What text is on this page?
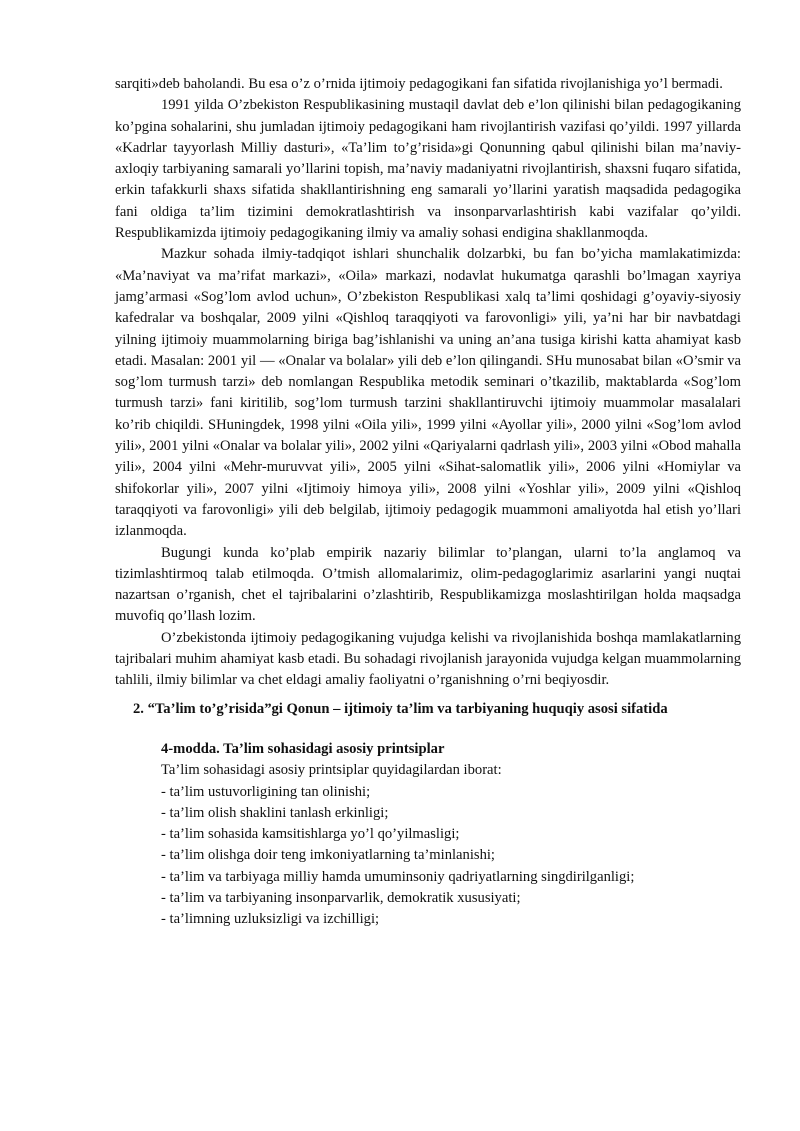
sarqiti»deb baholandi. Bu esa o’z o’rnida ijtimoiy pedagogikani fan sifatida rivojlanishiga yo’l bermadi.

1991 yilda O’zbekiston Respublikasining mustaqil davlat deb e’lon qilinishi bilan pedagogikaning ko’pgina sohalarini, shu jumladan ijtimoiy pedagogikani ham rivojlantirish vazifasi qo’yildi. 1997 yillarda «Kadrlar tayyorlash Milliy dasturi», «Ta’lim to’g’risida»gi Qonunning qabul qilinishi bilan ma’naviy-axloqiy tarbiyaning samarali yo’llarini topish, ma’naviy madaniyatni rivojlantirish, shaxsni fuqaro sifatida, erkin tafakkurli shaxs sifatida shakllantirishning eng samarali yo’llarini yaratish maqsadida pedagogika fani oldiga ta’lim tizimini demokratlashtirish va insonparvarlashtirish kabi vazifalar qo’yildi. Respublikamizda ijtimoiy pedagogikaning ilmiy va amaliy sohasi endigina shakllanmoqda.

Mazkur sohada ilmiy-tadqiqot ishlari shunchalik dolzarbki, bu fan bo’yicha mamlakatimizda: «Ma’naviyat va ma’rifat markazi», «Oila» markazi, nodavlat hukumatga qarashli bo’lmagan xayriya jamg’armasi «Sog’lom avlod uchun», O’zbekiston Respublikasi xalq ta’limi qoshidagi g’oyaviy-siyosiy kafedralar va boshqalar, 2009 yilni «Qishloq taraqqiyoti va farovonligi» yili, ya’ni har bir navbatdagi yilning ijtimoiy muammolarning biriga bag’ishlanishi va uning an’ana tusiga kirishi katta ahamiyat kasb etadi. Masalan: 2001 yil — «Onalar va bolalar» yili deb e’lon qilingandi. SHu munosabat bilan «O’smir va sog’lom turmush tarzi» deb nomlangan Respublika metodik seminari o’tkazilib, maktablarda «Sog’lom turmush tarzi» fani kiritilib, sog’lom turmush tarzini shakllantiruvchi ijtimoiy muammolar masalalari ko’rib chiqildi. SHuningdek, 1998 yilni «Oila yili», 1999 yilni «Ayollar yili», 2000 yilni «Sog’lom avlod yili», 2001 yilni «Onalar va bolalar yili», 2002 yilni «Qariyalarni qadrlash yili», 2003 yilni «Obod mahalla yili», 2004 yilni «Mehr-muruvvat yili», 2005 yilni «Sihat-salomatlik yili», 2006 yilni «Homiylar va shifokorlar yili», 2007 yilni «Ijtimoiy himoya yili», 2008 yilni «Yoshlar yili», 2009 yilni «Qishloq taraqqiyoti va farovonligi» yili deb belgilab, ijtimoiy pedagogik muammoni amaliyotda hal etish yo’llari izlanmoqda.

Bugungi kunda ko’plab empirik nazariy bilimlar to’plangan, ularni to’la anglamoq va tizimlashtirmoq talab etilmoqda. O’tmish allomalarimiz, olim-pedagoglarimiz asarlarini yangi nuqtai nazartsan o’rganish, chet el tajribalarini o’zlashtirib, Respublikamizga moslashtirilgan holda maqsadga muvofiq qo’llash lozim.

O’zbekistonda ijtimoiy pedagogikaning vujudga kelishi va rivojlanishida boshqa mamlakatlarning tajribalari muhim ahamiyat kasb etadi. Bu sohadagi rivojlanish jarayonida vujudga kelgan muammolarning tahlili, ilmiy bilimlar va chet eldagi amaliy faoliyatni o’rganishning o’rni beqiyosdir.

2. “Ta’lim to’g’risida”gi Qonun – ijtimoiy ta’lim va tarbiyaning huquqiy asosi sifatida
4-modda. Ta’lim sohasidagi asosiy printsiplar

Ta’lim sohasidagi asosiy printsiplar quyidagilardan iborat:

- ta’lim ustuvorligining tan olinishi;
- ta’lim olish shaklini tanlash erkinligi;
- ta’lim sohasida kamsitishlarga yo’l qo’yilmasligi;
- ta’lim olishga doir teng imkoniyatlarning ta’minlanishi;
- ta’lim va tarbiyaga milliy hamda umuminsoniy qadriyatlarning singdirilganligi;
- ta’lim va tarbiyaning insonparvarlik, demokratik xususiyati;
- ta’limning uzluksizligi va izchilligi;
